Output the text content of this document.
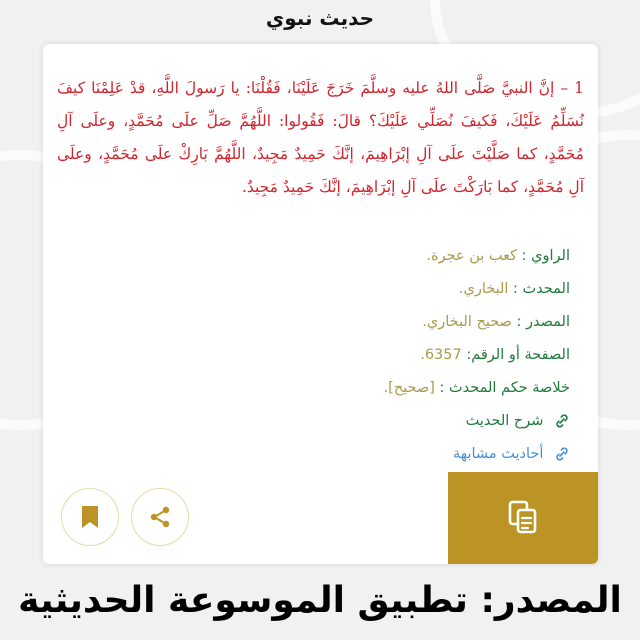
حديث نبوي

1 – إنَّ النبيَّ صَلَّى اللهُ عليه وسلَّمَ خَرَجَ عَلَيْنَا، فَقُلْنَا: يا رَسولَ اللَّهِ، قدْ عَلِمْنَا كيفَ نُسَلِّمُ عَلَيْكَ، فَكيفَ نُصَلِّي عَلَيْكَ؟ قالَ: فَقُولوا: اللَّهُمَّ صَلِّ علَى مُحَمَّدٍ، وعلَى آلِ مُحَمَّدٍ، كما صَلَّيْتَ علَى آلِ إبْرَاهِيمَ، إنَّكَ حَمِيدٌ مَجِيدٌ، اللَّهُمَّ بَارِكْ علَى مُحَمَّدٍ، وعلَى آلِ مُحَمَّدٍ، كما بَارَكْتَ علَى آلِ إبْرَاهِيمَ، إنَّكَ حَمِيدٌ مَجِيدٌ.

الراوي : كعب بن عجرة.
المحدث : البخاري.
المصدر : صحيح البخاري.
الصفحة أو الرقم: 6357.
خلاصة حكم المحدث : [صحيح].
شرح الحديث
أحاديث مشابهة
المصدر: تطبيق الموسوعة الحديثية
